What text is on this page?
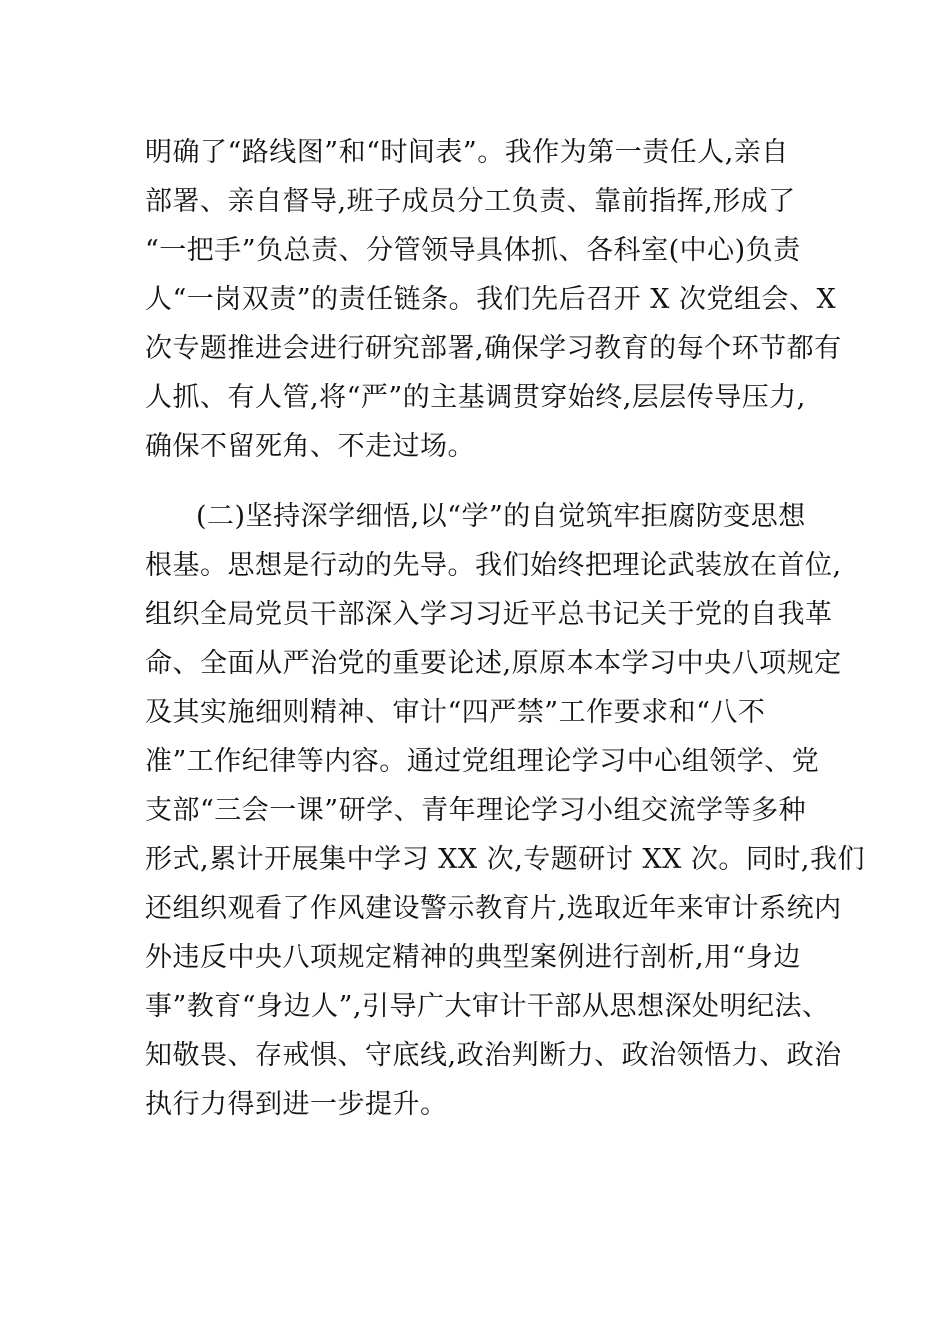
明确了“路线图”和“时间表”。我作为第一责任人,亲自
部署、亲自督导,班子成员分工负责、靠前指挥,形成了
“一把手”负总责、分管领导具体抓、各科室(中心)负责
人“一岗双责”的责任链条。我们先后召开 X 次党组会、X
次专题推进会进行研究部署,确保学习教育的每个环节都有
人抓、有人管,将“严”的主基调贯穿始终,层层传导压力,
确保不留死角、不走过场。
(二)坚持深学细悟,以“学”的自觉筑牢拒腐防变思想
根基。思想是行动的先导。我们始终把理论武装放在首位,
组织全局党员干部深入学习习近平总书记关于党的自我革
命、全面从严治党的重要论述,原原本本学习中央八项规定
及其实施细则精神、审计“四严禁”工作要求和“八不
准”工作纪律等内容。通过党组理论学习中心组领学、党
支部“三会一课”研学、青年理论学习小组交流学等多种
形式,累计开展集中学习 XX 次,专题研讨 XX 次。同时,我们
还组织观看了作风建设警示教育片,选取近年来审计系统内
外违反中央八项规定精神的典型案例进行剖析,用“身边
事”教育“身边人”,引导广大审计干部从思想深处明纪法、
知敬畏、存戒惧、守底线,政治判断力、政治领悟力、政治
执行力得到进一步提升。
